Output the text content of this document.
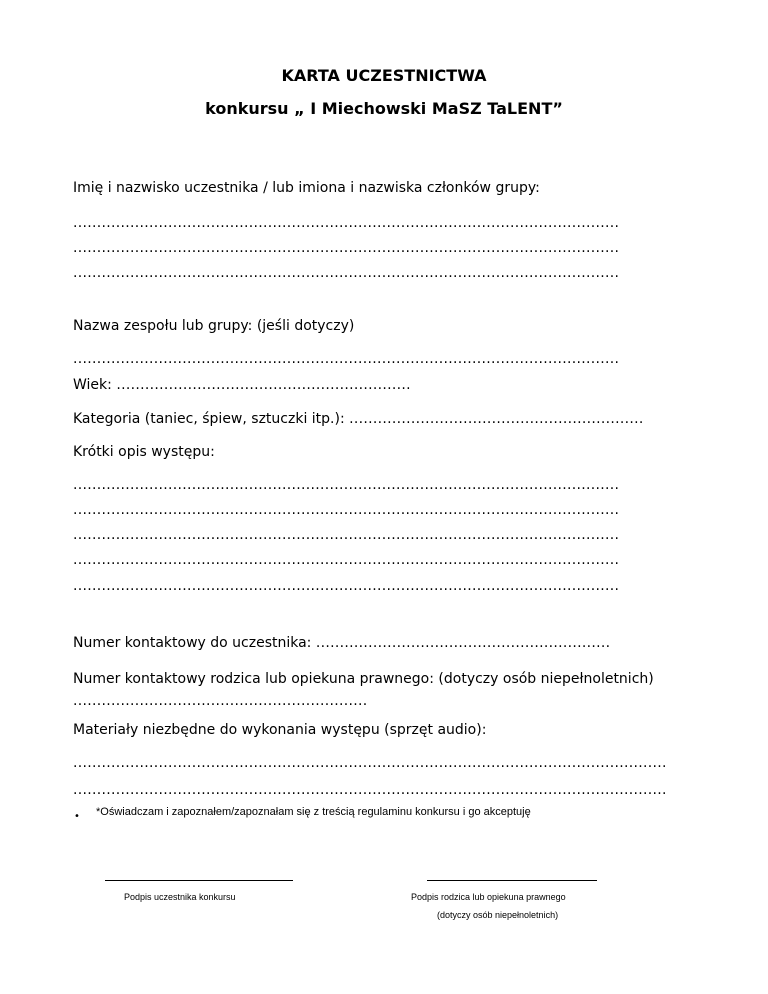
KARTA UCZESTNICTWA
konkursu „ I Miechowski MaSZ TaLENT”

Imię i nazwisko uczestnika / lub imiona i nazwiska członków grupy:

...................................................................................................................

...................................................................................................................

...................................................................................................................

Nazwa zespołu lub grupy: (jeśli dotyczy)

...................................................................................................................

Wiek: ..............................................................
Kategoria (taniec, śpiew, sztuczki itp.): ..............................................................

Krótki opis występu:

...................................................................................................................

...................................................................................................................

...................................................................................................................

...................................................................................................................

...................................................................................................................

Numer kontaktowy do uczestnika: ..............................................................

Numer kontaktowy rodzica lub opiekuna prawnego: (dotyczy osób niepełnoletnich)

..............................................................

Materiały niezbędne do wykonania występu (sprzęt audio):

.............................................................................................................................

.............................................................................................................................

• *Oświadczam i zapoznałem/zapoznałam się z treścią regulaminu konkursu i go akceptuję
Podpis uczestnika konkursu	Podpis rodzica lub opiekuna prawnego
(dotyczy osób niepełnoletnich)
